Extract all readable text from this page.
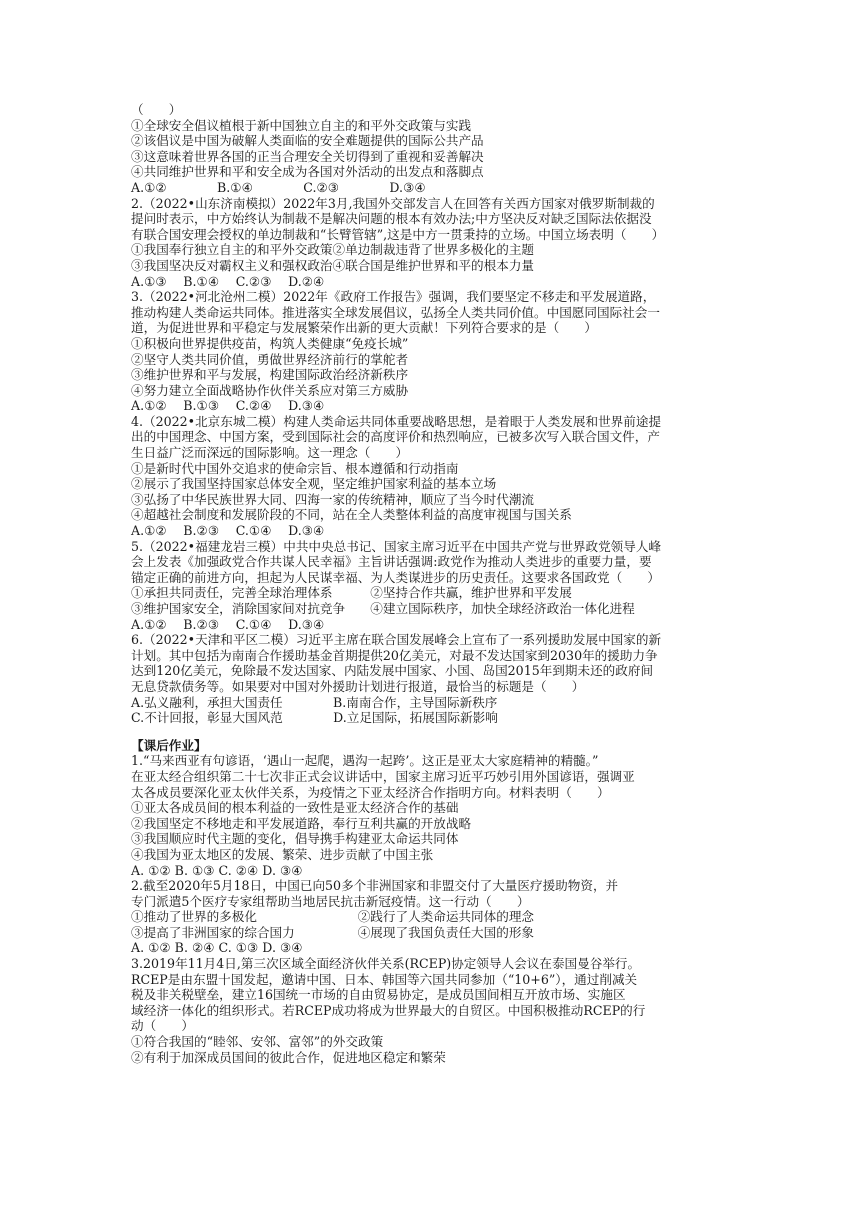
（　　）
①全球安全倡议植根于新中国独立自主的和平外交政策与实践
②该倡议是中国为破解人类面临的安全难题提供的国际公共产品
③这意味着世界各国的正当合理安全关切得到了重视和妥善解决
④共同维护世界和平和安全成为各国对外活动的出发点和落脚点
A.①②　　　　B.①④　　　　C.②③　　　　D.③④
2.（2022•山东济南模拟）2022年3月,我国外交部发言人在回答有关西方国家对俄罗斯制裁的
提问时表示，中方始终认为制裁不是解决问题的根本有效办法;中方坚决反对缺乏国际法依据没
有联合国安理会授权的单边制裁和“长臂管辖”,这是中方一贯秉持的立场。中国立场表明（　　）
①我国奉行独立自主的和平外交政策②单边制裁违背了世界多极化的主题
③我国坚决反对霸权主义和强权政治④联合国是维护世界和平的根本力量
A.①③　 B.①④　 C.②③　 D.②④
3.（2022•河北沧州二模）2022年《政府工作报告》强调，我们要坚定不移走和平发展道路，
推动构建人类命运共同体。推进落实全球发展倡议，弘扬全人类共同价值。中国愿同国际社会一
道，为促进世界和平稳定与发展繁荣作出新的更大贡献！下列符合要求的是（　　）
①积极向世界提供疫苗，构筑人类健康“免疫长城”
②坚守人类共同价值，勇做世界经济前行的掌舵者
③维护世界和平与发展，构建国际政治经济新秩序
④努力建立全面战略协作伙伴关系应对第三方威胁
A.①②　 B.①③　 C.②④　 D.③④
4.（2022•北京东城二模）构建人类命运共同体重要战略思想，是着眼于人类发展和世界前途提
出的中国理念、中国方案，受到国际社会的高度评价和热烈响应，已被多次写入联合国文件，产
生日益广泛而深远的国际影响。这一理念（　　）
①是新时代中国外交追求的使命宗旨、根本遵循和行动指南
②展示了我国坚持国家总体安全观，坚定维护国家利益的基本立场
③弘扬了中华民族世界大同、四海一家的传统精神，顺应了当今时代潮流
④超越社会制度和发展阶段的不同，站在全人类整体利益的高度审视国与国关系
A.①②　 B.②③　 C.①④　 D.③④
5.（2022•福建龙岩三模）中共中央总书记、国家主席习近平在中国共产党与世界政党领导人峰
会上发表《加强政党合作共谋人民幸福》主旨讲话强调:政党作为推动人类进步的重要力量，要
锚定正确的前进方向，担起为人民谋幸福、为人类谋进步的历史责任。这要求各国政党（　　）
①承担共同责任，完善全球治理体系　　　②坚持合作共赢，维护世界和平发展
③维护国家安全，消除国家间对抗竞争　　④建立国际秩序，加快全球经济政治一体化进程
A.①②　 B.②③　 C.①④　 D.③④
6.（2022•天津和平区二模）习近平主席在联合国发展峰会上宣布了一系列援助发展中国家的新
计划。其中包括为南南合作援助基金首期提供20亿美元，对最不发达国家到2030年的援助力争
达到120亿美元，免除最不发达国家、内陆发展中国家、小国、岛国2015年到期未还的政府间
无息贷款债务等。如果要对中国对外援助计划进行报道，最恰当的标题是（　　）
A.弘义融利，承担大国责任　　　　B.南南合作，主导国际新秩序
C.不计回报，彰显大国风范　　　　D.立足国际，拓展国际新影响
【课后作业】
1.“马来西亚有句谚语，‘遇山一起爬，遇沟一起跨’。这正是亚太大家庭精神的精髓。”
在亚太经合组织第二十七次非正式会议讲话中，国家主席习近平巧妙引用外国谚语，强调亚
太各成员要深化亚太伙伴关系，为疫情之下亚太经济合作指明方向。材料表明（　　）
①亚太各成员间的根本利益的一致性是亚太经济合作的基础
②我国坚定不移地走和平发展道路，奉行互利共赢的开放战略
③我国顺应时代主题的变化，倡导携手构建亚太命运共同体
④我国为亚太地区的发展、繁荣、进步贡献了中国主张
A. ①② B. ①③ C. ②④ D. ③④
2.截至2020年5月18日，中国已向50多个非洲国家和非盟交付了大量医疗援助物资，并
专门派遣5个医疗专家组帮助当地居民抗击新冠疫情。这一行动（　　）
①推动了世界的多极化　　　　　　　　②践行了人类命运共同体的理念
③提高了非洲国家的综合国力　　　　　④展现了我国负责任大国的形象
A. ①② B. ②④ C. ①③ D. ③④
3.2019年11月4日,第三次区域全面经济伙伴关系(RCEP)协定领导人会议在泰国曼谷举行。
RCEP是由东盟十国发起，邀请中国、日本、韩国等六国共同参加（“10+6”），通过削减关
税及非关税壁垒，建立16国统一市场的自由贸易协定，是成员国间相互开放市场、实施区
域经济一体化的组织形式。若RCEP成功将成为世界最大的自贸区。中国积极推动RCEP的行
动（　　）
①符合我国的“睦邻、安邻、富邻”的外交政策
②有利于加深成员国间的彼此合作，促进地区稳定和繁荣
